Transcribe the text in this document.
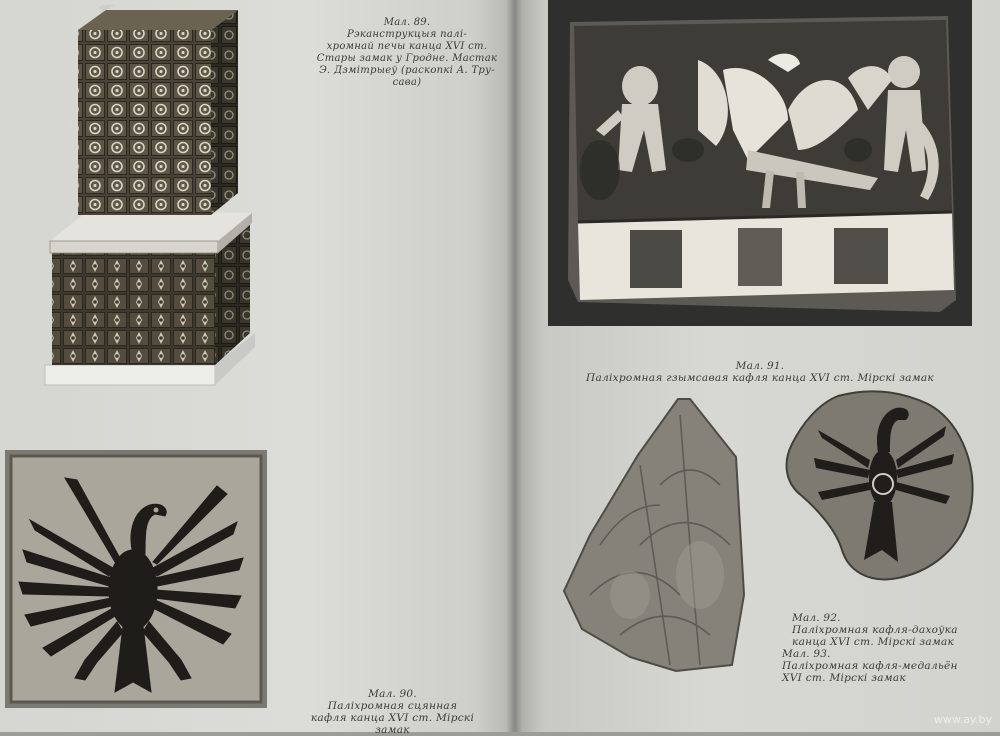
Мал. 89.
Рэканструкцыя палі-
хромнай печы канца XVI ст.
Стары замак у Гродне. Мастак
Э. Дзмітрыеў (раскопкі А. Тру-
сава)

Мал. 90.
Паліхромная сцянная
кафля канца XVI ст. Мірскі
замак

Мал. 91.
Паліхромная гзымсавая кафля канца XVI ст. Мірскі замак

Мал. 92.
Паліхромная кафля-дахоўка
канца XVI ст. Мірскі замак

Мал. 93.
Паліхромная кафля-медальён
XVI ст. Мірскі замак

www.ay.by
